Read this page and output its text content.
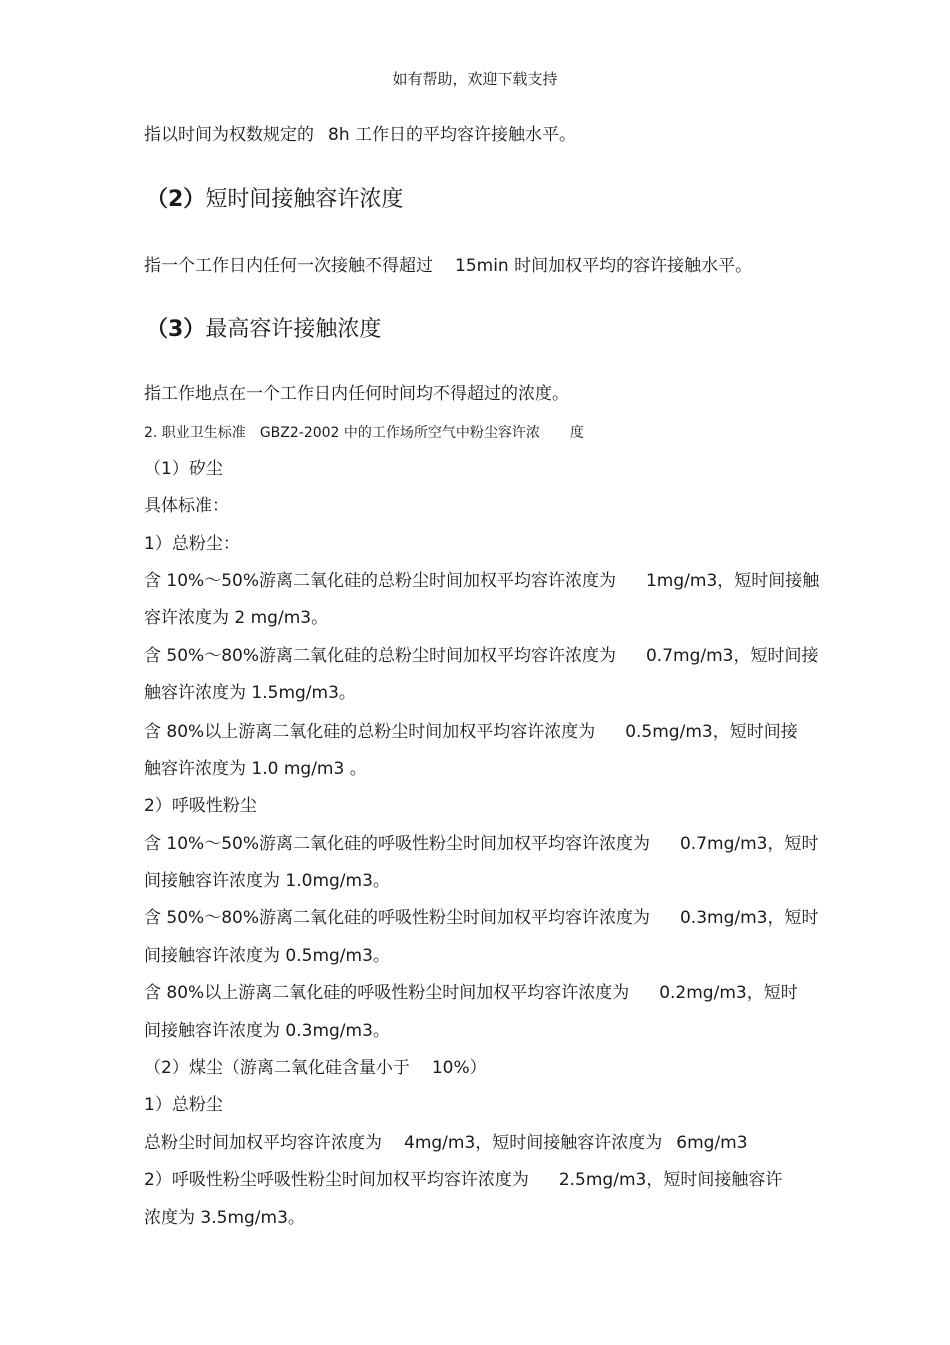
如有帮助，欢迎下载支持
指以时间为权数规定的 8h 工作日的平均容许接触水平。
（2）短时间接触容许浓度
指一个工作日内任何一次接触不得超过 15min 时间加权平均的容许接触水平。
（3）最高容许接触浓度
指工作地点在一个工作日内任何时间均不得超过的浓度。
2. 职业卫生标准 GBZ2-2002 中的工作场所空气中粉尘容许浓 度
（1）矽尘
具体标准：
1）总粉尘：
含 10%～50%游离二氧化硅的总粉尘时间加权平均容许浓度为 1mg/m3，短时间接触
容许浓度为 2 mg/m3。
含 50%～80%游离二氧化硅的总粉尘时间加权平均容许浓度为 0.7mg/m3，短时间接
触容许浓度为 1.5mg/m3。
含 80%以上游离二氧化硅的总粉尘时间加权平均容许浓度为 0.5mg/m3，短时间接
触容许浓度为 1.0 mg/m3 。
2）呼吸性粉尘
含 10%～50%游离二氧化硅的呼吸性粉尘时间加权平均容许浓度为 0.7mg/m3，短时
间接触容许浓度为 1.0mg/m3。
含 50%～80%游离二氧化硅的呼吸性粉尘时间加权平均容许浓度为 0.3mg/m3，短时
间接触容许浓度为 0.5mg/m3。
含 80%以上游离二氧化硅的呼吸性粉尘时间加权平均容许浓度为 0.2mg/m3，短时
间接触容许浓度为 0.3mg/m3。
（2）煤尘（游离二氧化硅含量小于 10%）
1）总粉尘
总粉尘时间加权平均容许浓度为 4mg/m3，短时间接触容许浓度为 6mg/m3
2）呼吸性粉尘呼吸性粉尘时间加权平均容许浓度为 2.5mg/m3，短时间接触容许
浓度为 3.5mg/m3。
